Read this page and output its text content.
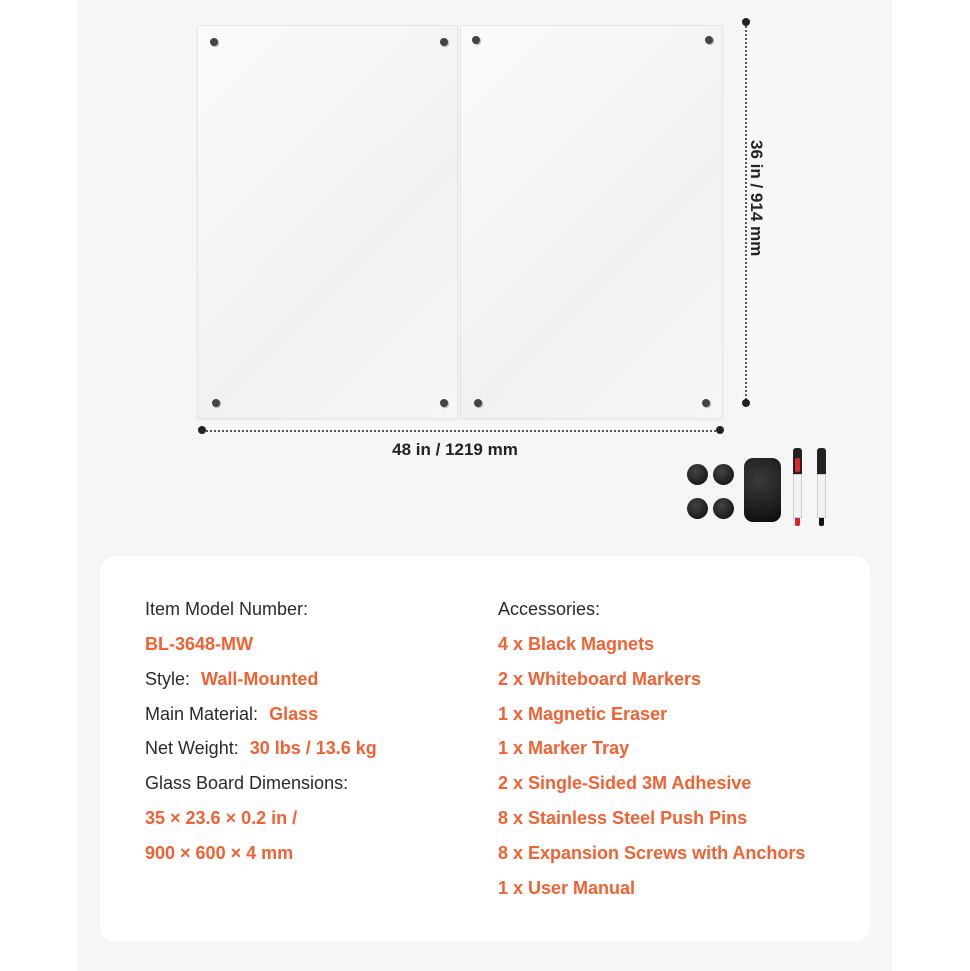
36 in / 914 mm
48 in / 1219 mm
Item Model Number:
BL-3648-MW
Style: Wall-Mounted
Main Material: Glass
Net Weight: 30 lbs / 13.6 kg
Glass Board Dimensions:
35 × 23.6 × 0.2 in /
900 × 600 × 4 mm
Accessories:
4 x Black Magnets
2 x Whiteboard Markers
1 x Magnetic Eraser
1 x Marker Tray
2 x Single-Sided 3M Adhesive
8 x Stainless Steel Push Pins
8 x Expansion Screws with Anchors
1 x User Manual
